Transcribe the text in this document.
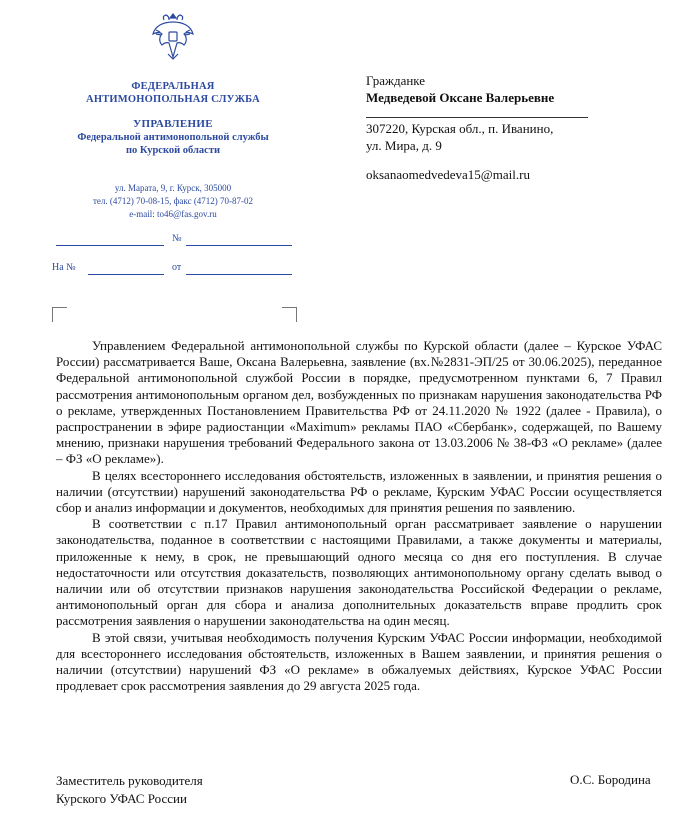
ФЕДЕРАЛЬНАЯ
АНТИМОНОПОЛЬНАЯ СЛУЖБА
УПРАВЛЕНИЕ
Федеральной антимонопольной службы
по Курской области
ул. Марата, 9, г. Курск, 305000
тел. (4712) 70-08-15, факс (4712) 70-87-02
e-mail: to46@fas.gov.ru
№
На №	от
Гражданке
Медведевой Оксане Валерьевне
307220, Курская обл., п. Иванино,
ул. Мира, д. 9
oksanaomedvedeva15@mail.ru

Управлением Федеральной антимонопольной службы по Курской области (далее – Курское УФАС России) рассматривается Ваше, Оксана Валерьевна, заявление (вх.№2831-ЭП/25 от 30.06.2025), переданное Федеральной антимонопольной службой России в порядке, предусмотренном пунктами 6, 7 Правил рассмотрения антимонопольным органом дел, возбужденных по признакам нарушения законодательства РФ о рекламе, утвержденных Постановлением Правительства РФ от 24.11.2020 № 1922 (далее - Правила), о распространении в эфире радиостанции «Maximum» рекламы ПАО «Сбербанк», содержащей, по Вашему мнению, признаки нарушения требований Федерального закона от 13.03.2006 № 38-ФЗ «О рекламе» (далее – ФЗ «О рекламе»).

В целях всестороннего исследования обстоятельств, изложенных в заявлении, и принятия решения о наличии (отсутствии) нарушений законодательства РФ о рекламе, Курским УФАС России осуществляется сбор и анализ информации и документов, необходимых для принятия решения по заявлению.

В соответствии с п.17 Правил антимонопольный орган рассматривает заявление о нарушении законодательства, поданное в соответствии с настоящими Правилами, а также документы и материалы, приложенные к нему, в срок, не превышающий одного месяца со дня его поступления. В случае недостаточности или отсутствия доказательств, позволяющих антимонопольному органу сделать вывод о наличии или об отсутствии признаков нарушения законодательства Российской Федерации о рекламе, антимонопольный орган для сбора и анализа дополнительных доказательств вправе продлить срок рассмотрения заявления о нарушении законодательства на один месяц.

В этой связи, учитывая необходимость получения Курским УФАС России информации, необходимой для всестороннего исследования обстоятельств, изложенных в Вашем заявлении, и принятия решения о наличии (отсутствии) нарушений ФЗ «О рекламе» в обжалуемых действиях, Курское УФАС России продлевает срок рассмотрения заявления до 29 августа 2025 года.

Заместитель руководителя
Курского УФАС России
О.С. Бородина
